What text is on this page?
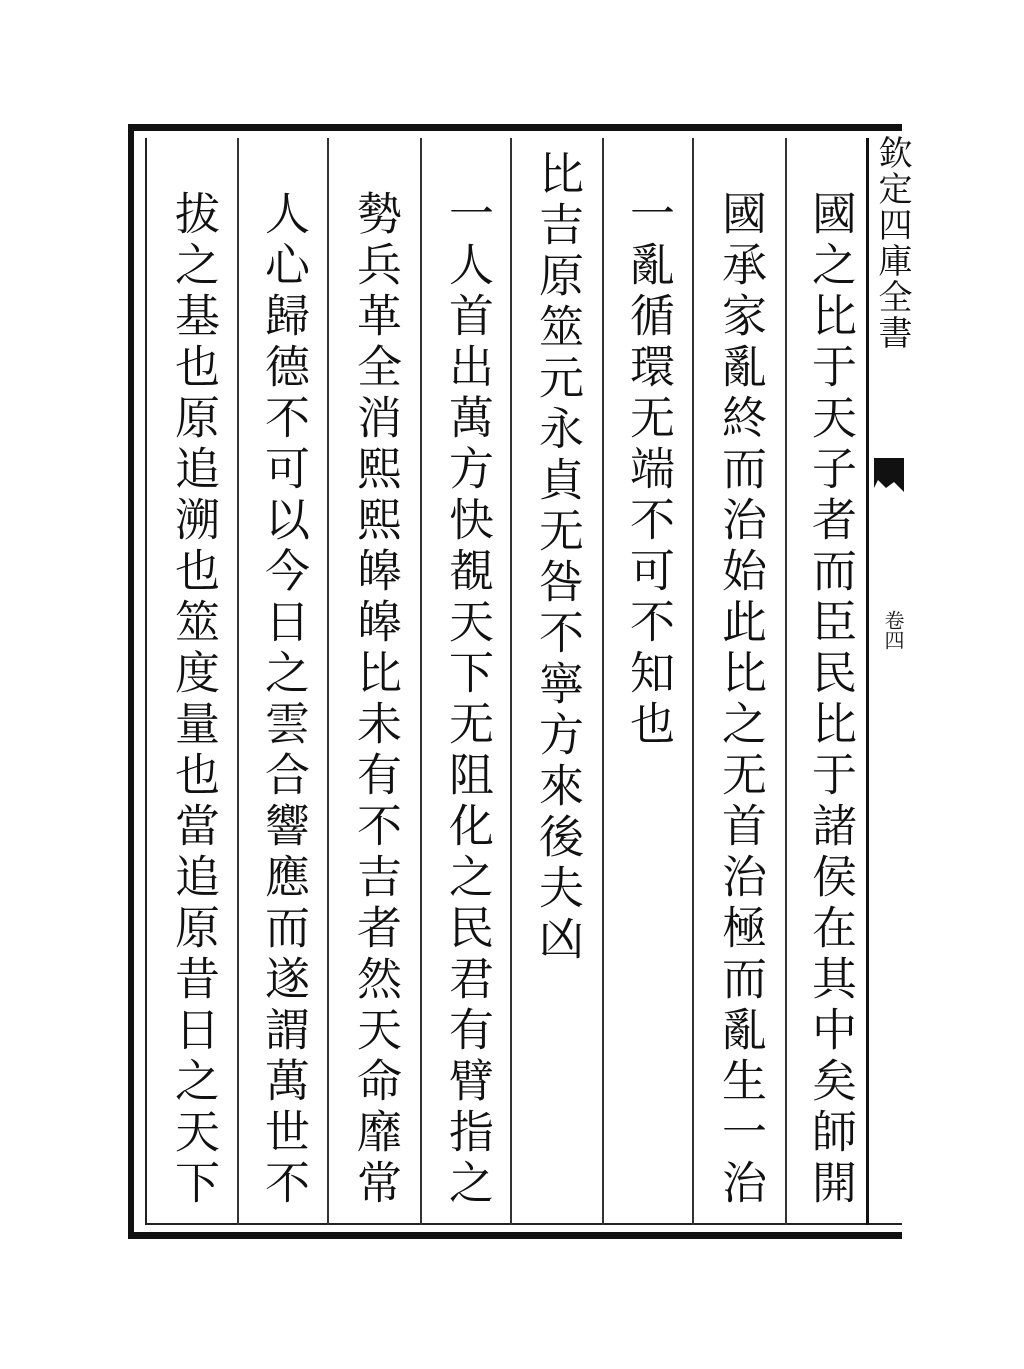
欽定四庫全書
卷四
國之比于天子者而臣民比于諸侯在其中矣師開
國承家亂終而治始此比之无首治極而亂生一治
一亂循環无端不可不知也
比吉原筮元永貞无咎不寧方來後夫凶
一人首出萬方快覩天下无阻化之民君有臂指之
勢兵革全消熙熙皞皞比未有不吉者然天命靡常
人心歸德不可以今日之雲合響應而遂謂萬世不
拔之基也原追溯也筮度量也當追原昔日之天下
